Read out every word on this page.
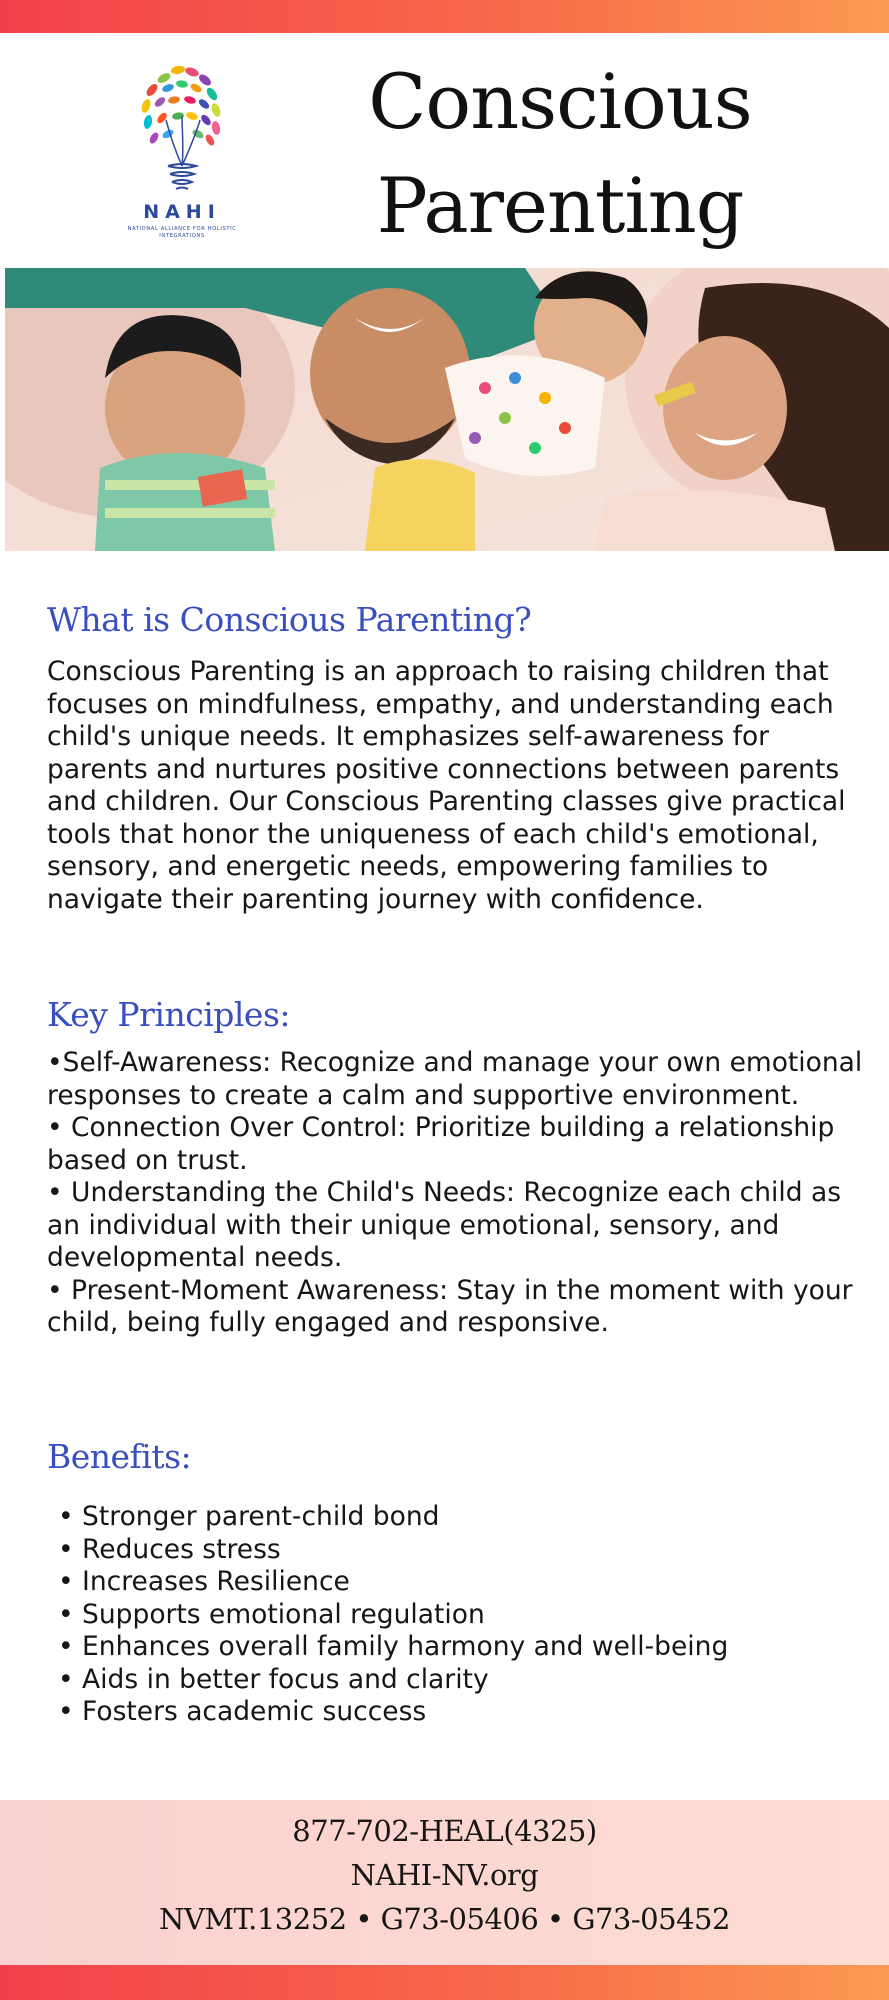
NAHI
NATIONAL ALLIANCE FOR HOLISTIC INTEGRATIONS
Conscious
Parenting
What is Conscious Parenting?

Conscious Parenting is an approach to raising children that focuses on mindfulness, empathy, and understanding each child's unique needs. It emphasizes self-awareness for parents and nurtures positive connections between parents and children. Our Conscious Parenting classes give practical tools that honor the uniqueness of each child's emotional, sensory, and energetic needs, empowering families to navigate their parenting journey with confidence.

Key Principles:
•Self-Awareness: Recognize and manage your own emotional responses to create a calm and supportive environment.
• Connection Over Control: Prioritize building a relationship based on trust.
• Understanding the Child's Needs: Recognize each child as an individual with their unique emotional, sensory, and developmental needs.
• Present-Moment Awareness: Stay in the moment with your child, being fully engaged and responsive.
Benefits:
• Stronger parent-child bond
• Reduces stress
• Increases Resilience
• Supports emotional regulation
• Enhances overall family harmony and well-being
• Aids in better focus and clarity
• Fosters academic success
877-702-HEAL(4325)
NAHI-NV.org
NVMT.13252 • G73-05406 • G73-05452
